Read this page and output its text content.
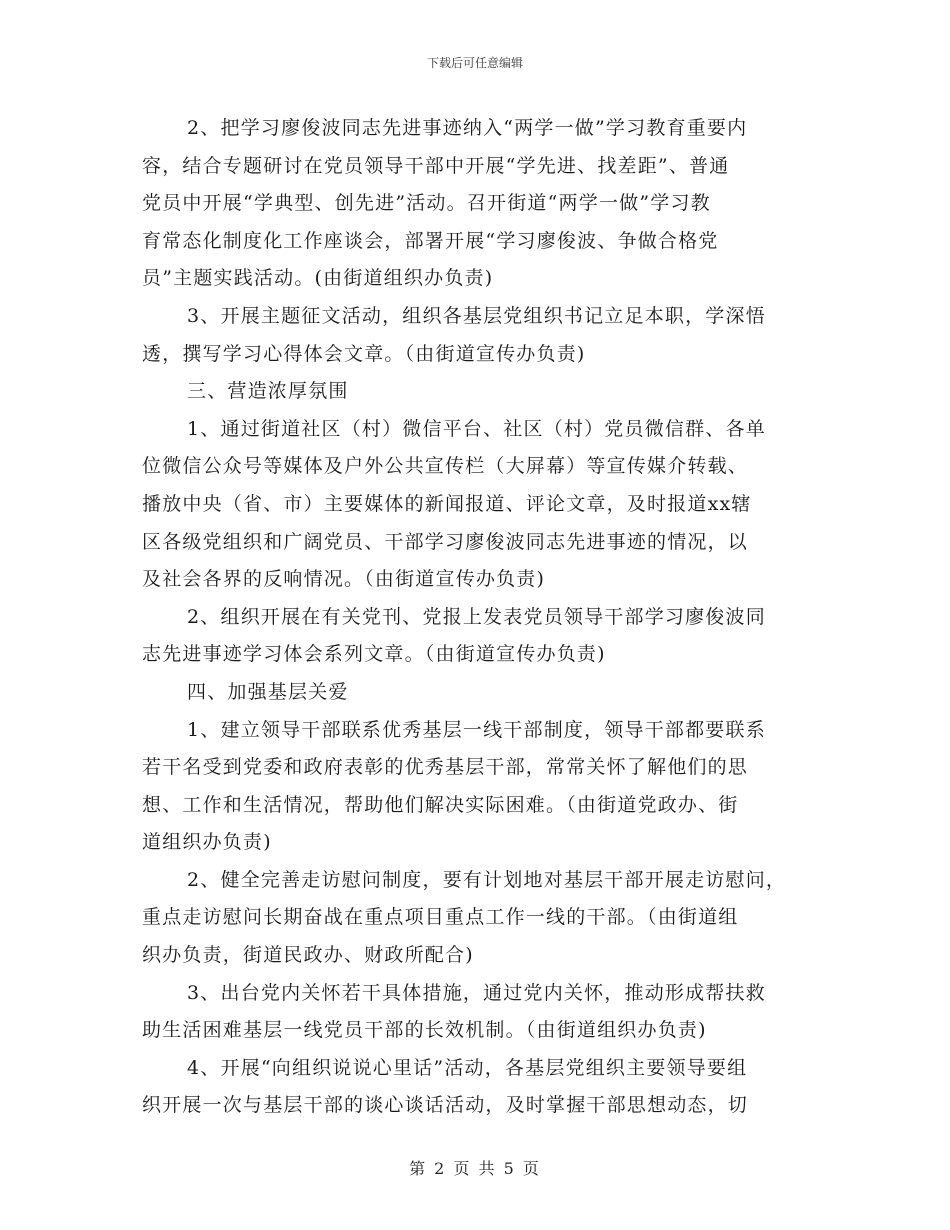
下载后可任意编辑
2、把学习廖俊波同志先进事迹纳入“两学一做”学习教育重要内
容，结合专题研讨在党员领导干部中开展“学先进、找差距”、普通
党员中开展“学典型、创先进”活动。召开街道“两学一做”学习教
育常态化制度化工作座谈会，部署开展“学习廖俊波、争做合格党
员”主题实践活动。(由街道组织办负责)
3、开展主题征文活动，组织各基层党组织书记立足本职，学深悟
透，撰写学习心得体会文章。（由街道宣传办负责)
三、营造浓厚氛围
1、通过街道社区（村）微信平台、社区（村）党员微信群、各单
位微信公众号等媒体及户外公共宣传栏（大屏幕）等宣传媒介转载、
播放中央（省、市）主要媒体的新闻报道、评论文章，及时报道xx辖
区各级党组织和广阔党员、干部学习廖俊波同志先进事迹的情况，以
及社会各界的反响情况。（由街道宣传办负责)
2、组织开展在有关党刊、党报上发表党员领导干部学习廖俊波同
志先进事迹学习体会系列文章。（由街道宣传办负责)
四、加强基层关爱
1、建立领导干部联系优秀基层一线干部制度，领导干部都要联系
若干名受到党委和政府表彰的优秀基层干部，常常关怀了解他们的思
想、工作和生活情况，帮助他们解决实际困难。（由街道党政办、街
道组织办负责)
2、健全完善走访慰问制度，要有计划地对基层干部开展走访慰问，
重点走访慰问长期奋战在重点项目重点工作一线的干部。（由街道组
织办负责，街道民政办、财政所配合)
3、出台党内关怀若干具体措施，通过党内关怀，推动形成帮扶救
助生活困难基层一线党员干部的长效机制。（由街道组织办负责)
4、开展“向组织说说心里话”活动，各基层党组织主要领导要组
织开展一次与基层干部的谈心谈话活动，及时掌握干部思想动态，切
第 2 页 共 5 页
